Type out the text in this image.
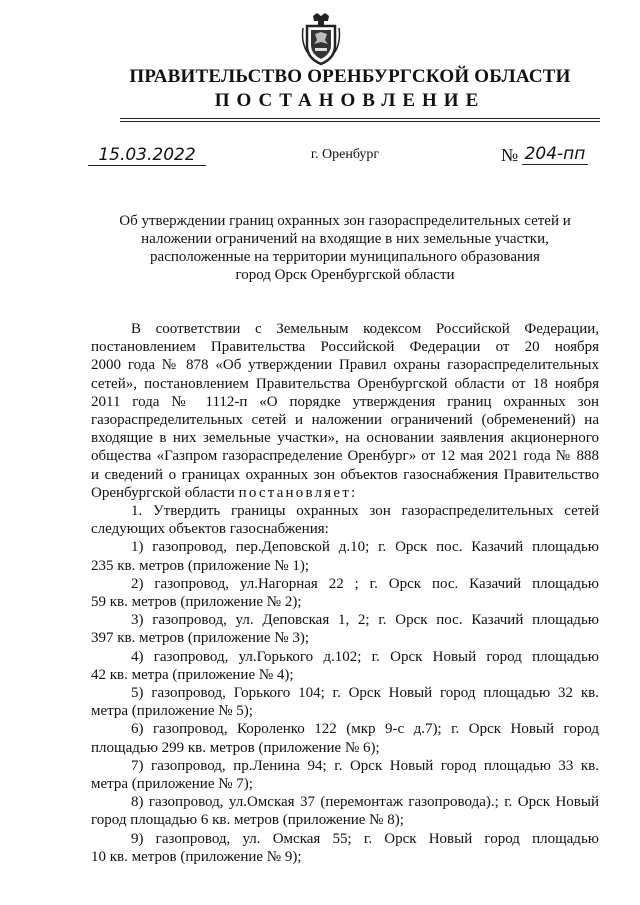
ПРАВИТЕЛЬСТВО ОРЕНБУРГСКОЙ ОБЛАСТИ
ПОСТАНОВЛЕНИЕ
15.03.2022	г. Оренбург	№ 204-пп
Об утверждении границ охранных зон газораспределительных сетей и
наложении ограничений на входящие в них земельные участки,
расположенные на территории муниципального образования
город Орск Оренбургской области
В соответствии с Земельным кодексом Российской Федерации,
постановлением Правительства Российской Федерации от 20 ноября
2000 года № 878 «Об утверждении Правил охраны газораспределительных
сетей», постановлением Правительства Оренбургской области от 18 ноября
2011 года № 1112-п «О порядке утверждения границ охранных зон
газораспределительных сетей и наложении ограничений (обременений) на
входящие в них земельные участки», на основании заявления акционерного
общества «Газпром газораспределение Оренбург» от 12 мая 2021 года № 888
и сведений о границах охранных зон объектов газоснабжения Правительство
Оренбургской области постановляет:
1. Утвердить границы охранных зон газораспределительных сетей
следующих объектов газоснабжения:
1) газопровод, пер.Деповской д.10; г. Орск пос. Казачий площадью
235 кв. метров (приложение № 1);
2) газопровод, ул.Нагорная 22 ; г. Орск пос. Казачий площадью
59 кв. метров (приложение № 2);
3) газопровод, ул. Деповская 1, 2; г. Орск пос. Казачий площадью
397 кв. метров (приложение № 3);
4) газопровод, ул.Горького д.102; г. Орск Новый город площадью
42 кв. метра (приложение № 4);
5) газопровод, Горького 104; г. Орск Новый город площадью 32 кв.
метра (приложение № 5);
6) газопровод, Короленко 122 (мкр 9-с д.7); г. Орск Новый город
площадью 299 кв. метров (приложение № 6);
7) газопровод, пр.Ленина 94; г. Орск Новый город площадью 33 кв.
метра (приложение № 7);
8) газопровод, ул.Омская 37 (перемонтаж газопровода).; г. Орск Новый
город площадью 6 кв. метров (приложение № 8);
9) газопровод, ул. Омская 55; г. Орск Новый город площадью
10 кв. метров (приложение № 9);
